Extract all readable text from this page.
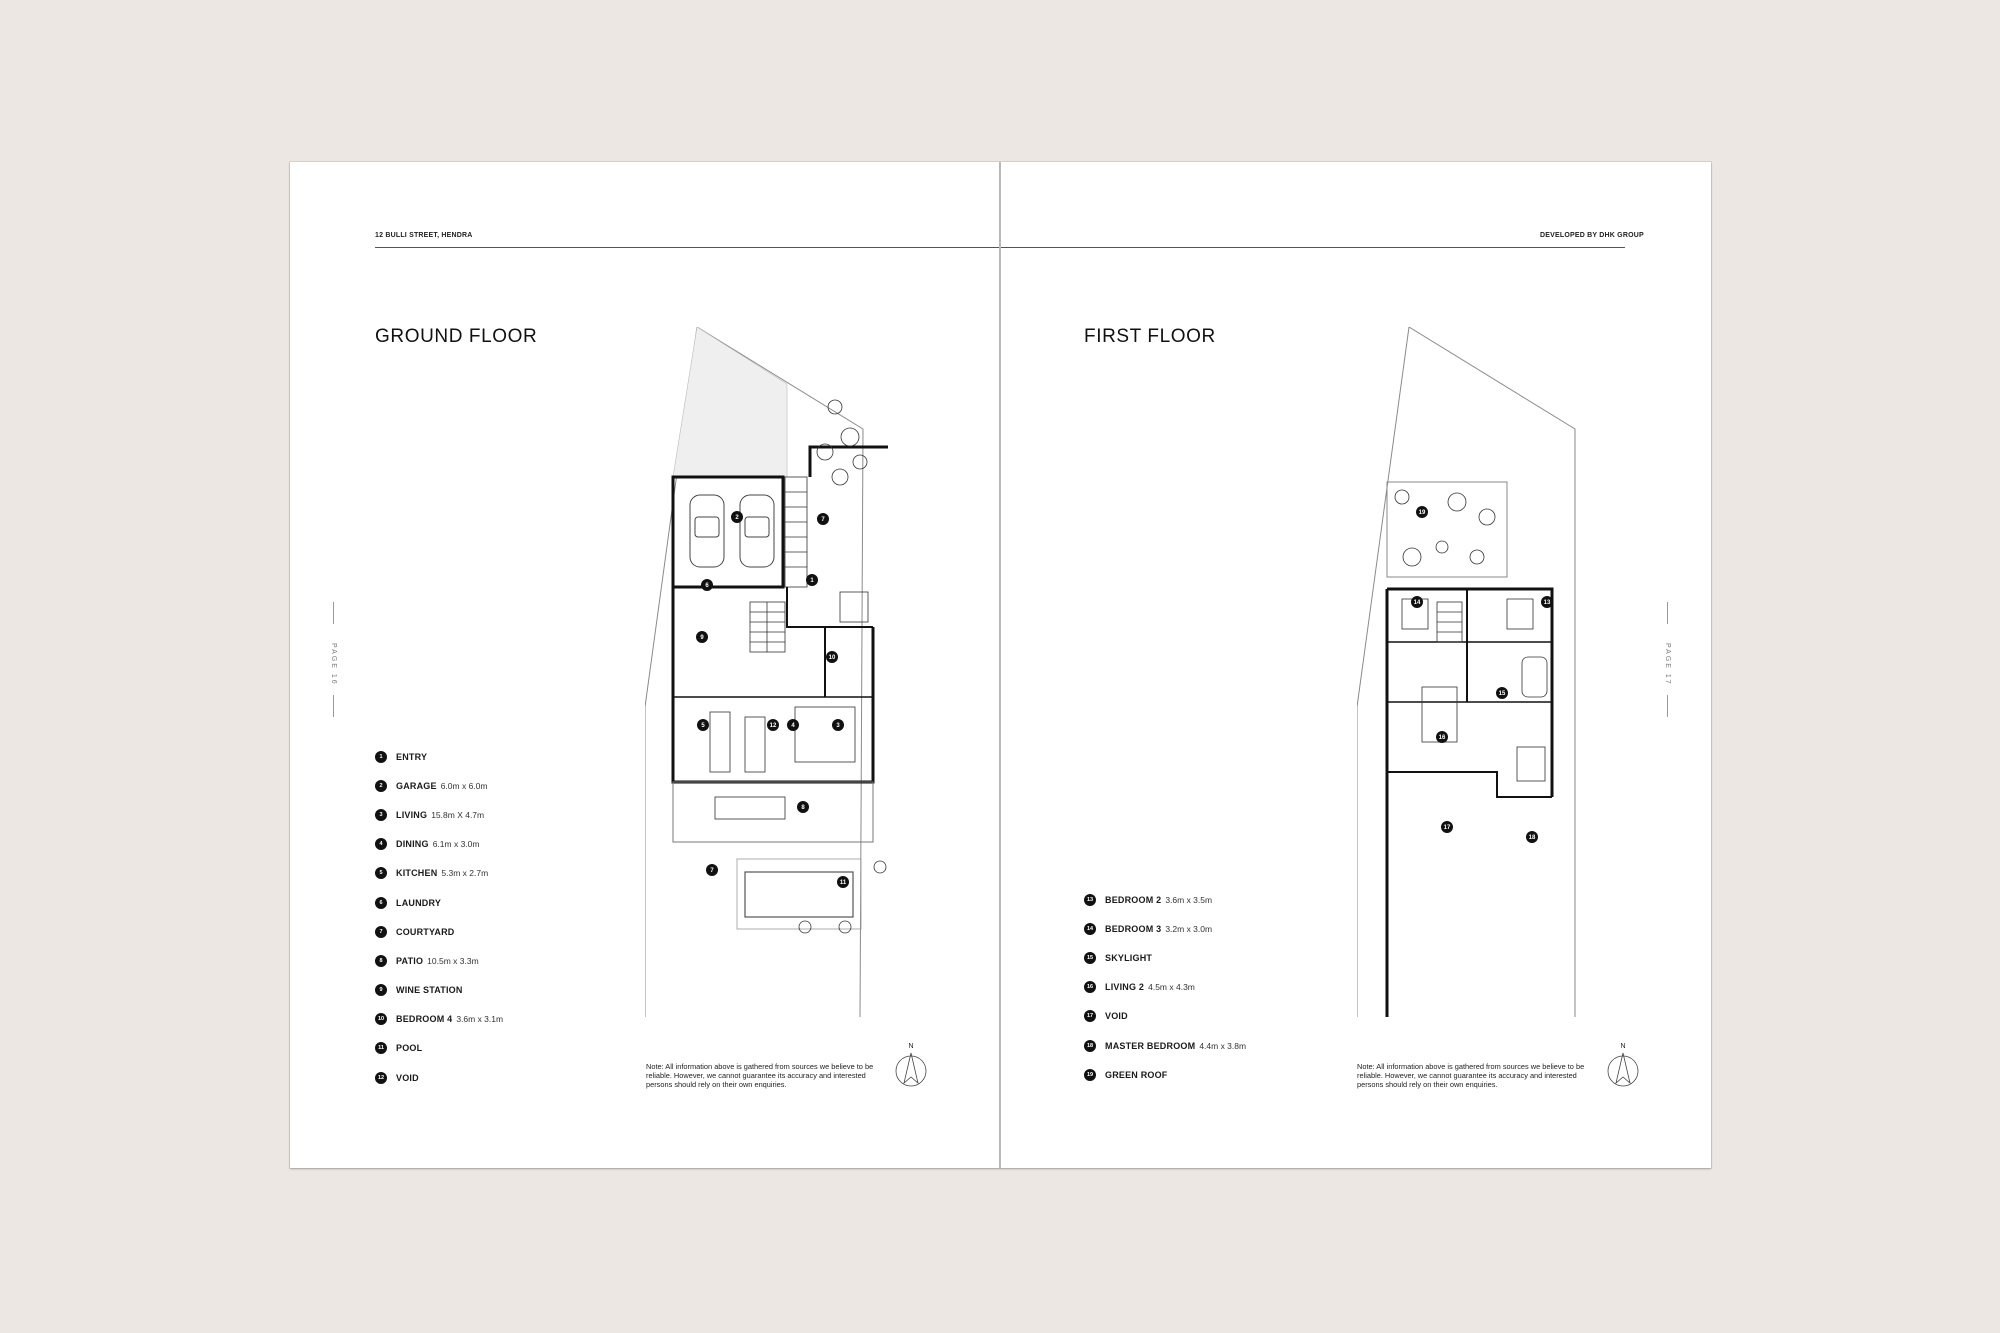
12 BULLI STREET, HENDRA
GROUND FLOOR
PAGE 16
1	ENTRY
2	GARAGE 6.0m x 6.0m
3	LIVING 15.8m X 4.7m
4	DINING 6.1m x 3.0m
5	KITCHEN 5.3m x 2.7m
6	LAUNDRY
7	COURTYARD
8	PATIO 10.5m x 3.3m
9	WINE STATION
10	BEDROOM 4 3.6m x 3.1m
11	POOL
12	VOID
1
2
3
4
5
6
7
7
8
9
10
11
12
Note: All information above is gathered from sources we believe to be reliable. However, we cannot guarantee its accuracy and interested persons should rely on their own enquiries.
N
DEVELOPED BY DHK GROUP
FIRST FLOOR
PAGE 17
13	BEDROOM 2 3.6m x 3.5m
14	BEDROOM 3 3.2m x 3.0m
15	SKYLIGHT
16	LIVING 2 4.5m x 4.3m
17	VOID
18	MASTER BEDROOM 4.4m x 3.8m
19	GREEN ROOF
13
14
15
16
17
18
19
Note: All information above is gathered from sources we believe to be reliable. However, we cannot guarantee its accuracy and interested persons should rely on their own enquiries.
N
